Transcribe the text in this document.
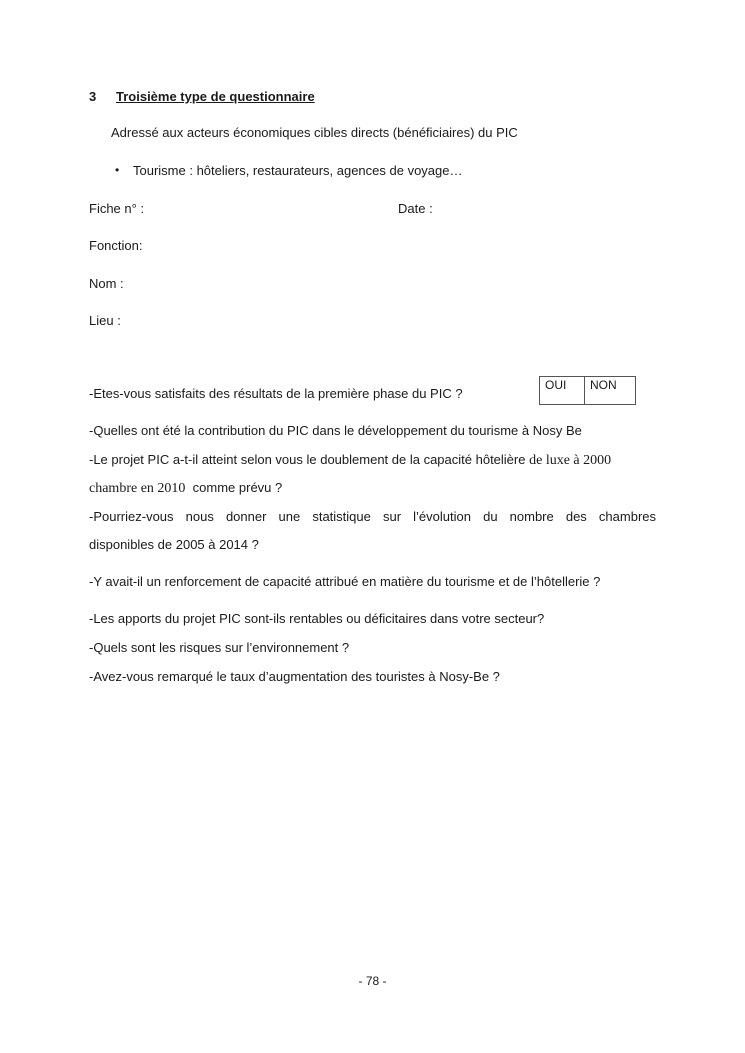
3 Troisième type de questionnaire
Adressé aux acteurs économiques cibles directs (bénéficiaires) du PIC
• Tourisme : hôteliers, restaurateurs, agences de voyage…
Fiche n° :	Date :
Fonction:
Nom :
Lieu :
OUI	NON
-Etes-vous satisfaits des résultats de la première phase du PIC ?
-Quelles ont été la contribution du PIC dans le développement du tourisme à Nosy Be
-Le projet PIC a-t-il atteint selon vous le doublement de la capacité hôtelière de luxe à 2000
chambre en 2010 comme prévu ?
-Pourriez-vous nous donner une statistique sur l’évolution du nombre des chambres
disponibles de 2005 à 2014 ?
-Y avait-il un renforcement de capacité attribué en matière du tourisme et de l’hôtellerie ?
-Les apports du projet PIC sont-ils rentables ou déficitaires dans votre secteur?
-Quels sont les risques sur l’environnement ?
-Avez-vous remarqué le taux d’augmentation des touristes à Nosy-Be ?
- 78 -
